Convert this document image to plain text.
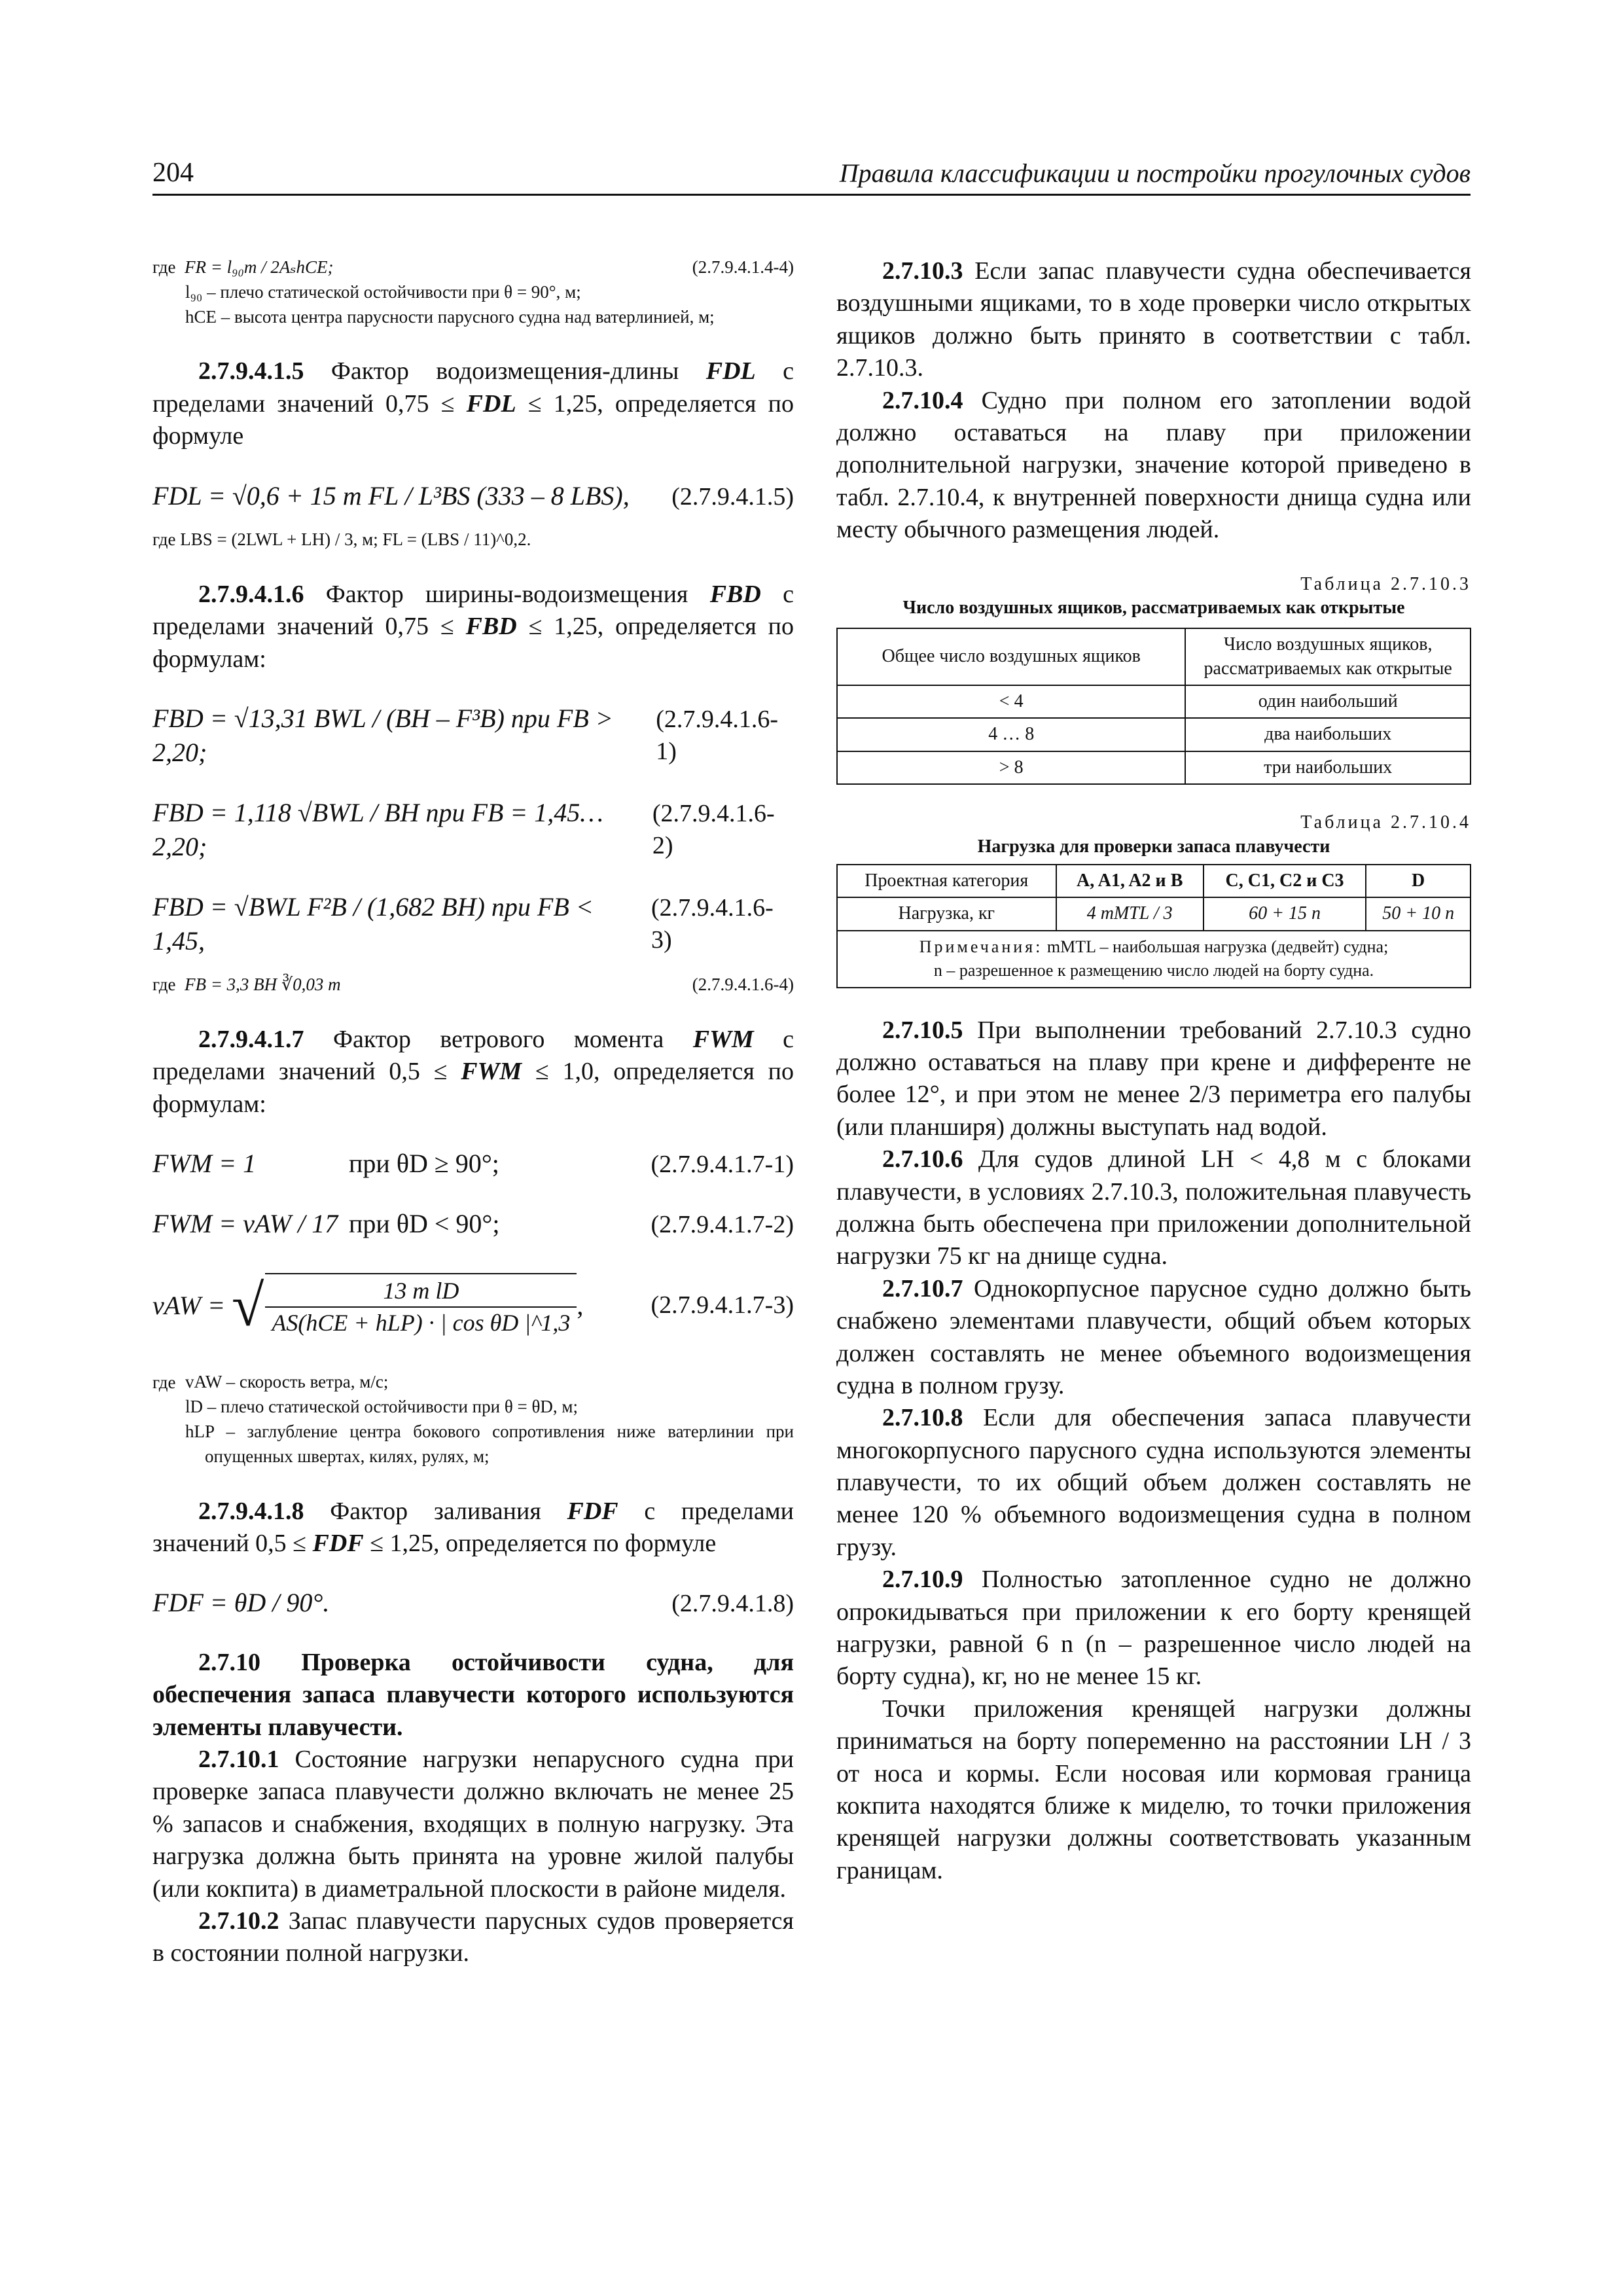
204	Правила классификации и постройки прогулочных судов
где FR = l₉₀m / 2AₛhCE;	(2.7.9.4.1.4-4)

l₉₀ – плечо статической остойчивости при θ = 90°, м;

hCE – высота центра парусности парусного судна над ватерлинией, м;

2.7.9.4.1.5 Фактор водоизмещения-длины FDL с пределами значений 0,75 ≤ FDL ≤ 1,25, определяется по формуле

FDL = √0,6 + 15 m FL / L³BS (333 – 8 LBS), (2.7.9.4.1.5)

где LBS = (2LWL + LH) / 3, м; FL = (LBS / 11)^0,2.

2.7.9.4.1.6 Фактор ширины-водоизмещения FBD с пределами значений 0,75 ≤ FBD ≤ 1,25, определяется по формулам:

FBD = √13,31 BWL / (BH – F³B) при FB > 2,20;
(2.7.9.4.1.6-1)
FBD = 1,118 √BWL / BH при FB = 1,45…2,20;
(2.7.9.4.1.6-2)
FBD = √BWL F²B / (1,682 BH) при FB < 1,45,
(2.7.9.4.1.6-3)
где FB = 3,3 BH ∛0,03 m	(2.7.9.4.1.6-4)

2.7.9.4.1.7 Фактор ветрового момента FWM с пределами значений 0,5 ≤ FWM ≤ 1,0, определяется по формулам:

FWM = 1	при θD ≥ 90°;	(2.7.9.4.1.7-1)
FWM = vAW / 17 при θD < 90°;	(2.7.9.4.1.7-2)
vAW = √ $\frac{\text{13 m lD}}{\text{AS(hCE + hLP) · | cos θD |\textasciicircum{}1,3}}$ ,	(2.7.9.4.1.7-3)
где vAW – скорость ветра, м/с;

lD – плечо статической остойчивости при θ = θD, м;

hLP – заглубление центра бокового сопротивления ниже ватерлинии при опущенных швертах, килях, рулях, м;

2.7.9.4.1.8 Фактор заливания FDF с пределами значений 0,5 ≤ FDF ≤ 1,25, определяется по формуле

FDF = θD / 90°.	(2.7.9.4.1.8)

2.7.10 Проверка остойчивости судна, для обеспечения запаса плавучести которого используются элементы плавучести.

2.7.10.1 Состояние нагрузки непарусного судна при проверке запаса плавучести должно включать не менее 25 % запасов и снабжения, входящих в полную нагрузку. Эта нагрузка должна быть принята на уровне жилой палубы (или кокпита) в диаметральной плоскости в районе миделя.

2.7.10.2 Запас плавучести парусных судов проверяется в состоянии полной нагрузки.

2.7.10.3 Если запас плавучести судна обеспечивается воздушными ящиками, то в ходе проверки число открытых ящиков должно быть принято в соответствии с табл. 2.7.10.3.

2.7.10.4 Судно при полном его затоплении водой должно оставаться на плаву при приложении дополнительной нагрузки, значение которой приведено в табл. 2.7.10.4, к внутренней поверхности днища судна или месту обычного размещения людей.

Таблица 2.7.10.3
Число воздушных ящиков, рассматриваемых как открытые
Общее число воздушных ящиков	Число воздушных ящиков, рассматриваемых как открытые
< 4	один наибольший
4 … 8	два наибольших
> 8	три наибольших
Таблица 2.7.10.4
Нагрузка для проверки запаса плавучести
Проектная категория	A, A1, A2 и B	C, C1, C2 и C3	D
Нагрузка, кг	4 mMTL / 3	60 + 15 n	50 + 10 n
Примечания: mMTL – наибольшая нагрузка (дедвейт) судна;
n – разрешенное к размещению число людей на борту судна.			

2.7.10.5 При выполнении требований 2.7.10.3 судно должно оставаться на плаву при крене и дифференте не более 12°, и при этом не менее 2/3 периметра его палубы (или планширя) должны выступать над водой.

2.7.10.6 Для судов длиной LH < 4,8 м с блоками плавучести, в условиях 2.7.10.3, положительная плавучесть должна быть обеспечена при приложении дополнительной нагрузки 75 кг на днище судна.

2.7.10.7 Однокорпусное парусное судно должно быть снабжено элементами плавучести, общий объем которых должен составлять не менее объемного водоизмещения судна в полном грузу.

2.7.10.8 Если для обеспечения запаса плавучести многокорпусного парусного судна используются элементы плавучести, то их общий объем должен составлять не менее 120 % объемного водоизмещения судна в полном грузу.

2.7.10.9 Полностью затопленное судно не должно опрокидываться при приложении к его борту кренящей нагрузки, равной 6 n (n – разрешенное число людей на борту судна), кг, но не менее 15 кг.

Точки приложения кренящей нагрузки должны приниматься на борту попеременно на расстоянии LH / 3 от носа и кормы. Если носовая или кормовая граница кокпита находятся ближе к миделю, то точки приложения кренящей нагрузки должны соответствовать указанным границам.
